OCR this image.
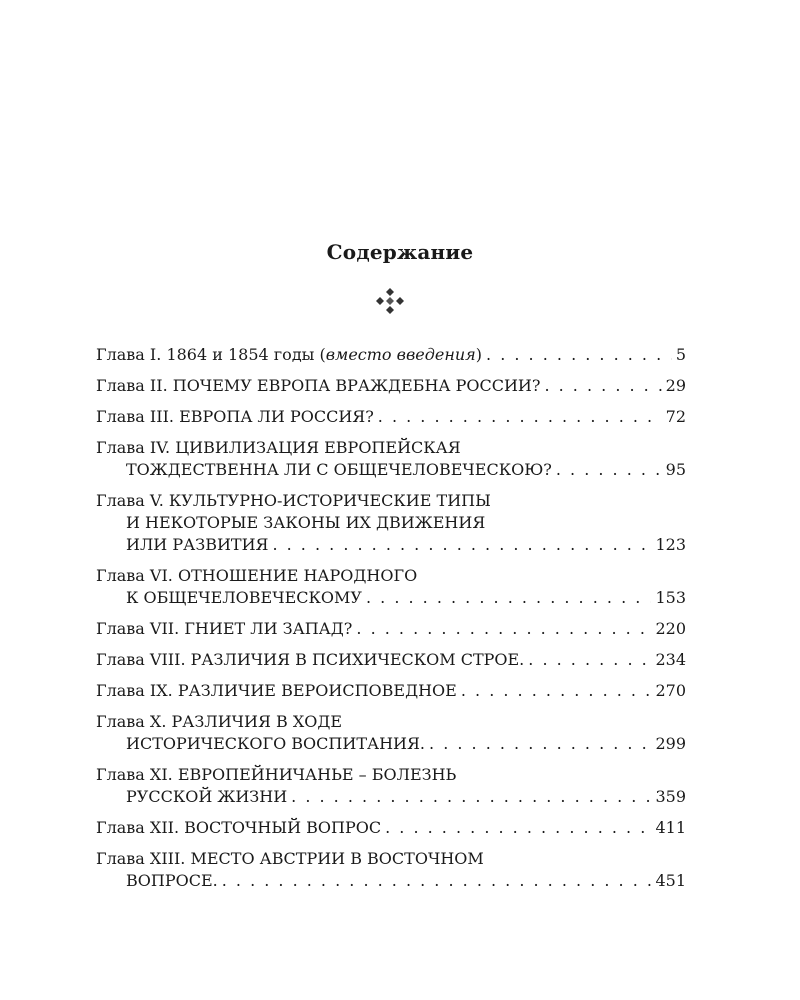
Содержание
Глава I.
1864 и 1854 годы (вместо введения) . . .	5
Глава II.
ПОЧЕМУ ЕВРОПА ВРАЖДЕБНА РОССИИ? . . .	29
Глава III.
ЕВРОПА ЛИ РОССИЯ? . . .	72
Глава IV.
ЦИВИЛИЗАЦИЯ ЕВРОПЕЙСКАЯ
ТОЖДЕСТВЕННА ЛИ С ОБЩЕЧЕЛОВЕЧЕСКОЮ? . . .	95
Глава V.
КУЛЬТУРНО-ИСТОРИЧЕСКИЕ ТИПЫ
И НЕКОТОРЫЕ ЗАКОНЫ ИХ ДВИЖЕНИЯ
ИЛИ РАЗВИТИЯ . . .	123
Глава VI.
ОТНОШЕНИЕ НАРОДНОГО
К ОБЩЕЧЕЛОВЕЧЕСКОМУ . . .	153
Глава VII.
ГНИЕТ ЛИ ЗАПАД? . . .	220
Глава VIII.
РАЗЛИЧИЯ В ПСИХИЧЕСКОМ СТРОЕ. . . .	234
Глава IX.
РАЗЛИЧИЕ ВЕРОИСПОВЕДНОЕ . . .	270
Глава X.
РАЗЛИЧИЯ В ХОДЕ
ИСТОРИЧЕСКОГО ВОСПИТАНИЯ. . . .	299
Глава XI.
ЕВРОПЕЙНИЧАНЬЕ – БОЛЕЗНЬ
РУССКОЙ ЖИЗНИ . . .	359
Глава XII.
ВОСТОЧНЫЙ ВОПРОС . . .	411
Глава XIII.
МЕСТО АВСТРИИ В ВОСТОЧНОМ
ВОПРОСЕ. . . .	451
